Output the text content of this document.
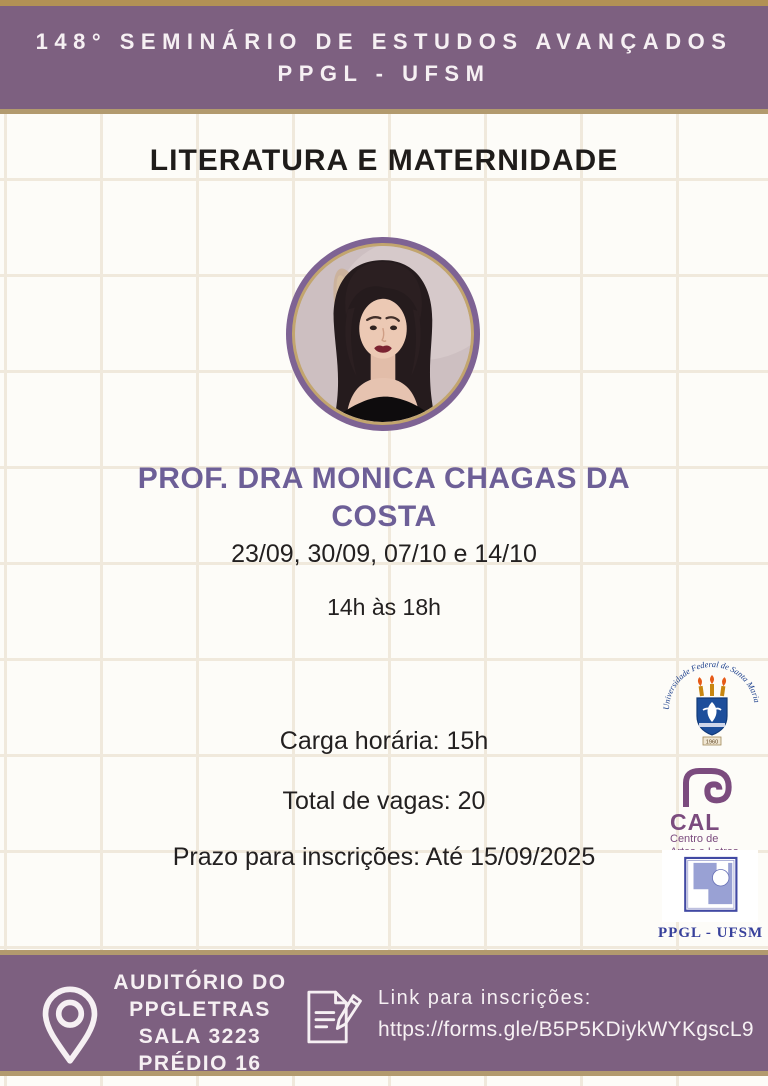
148° SEMINÁRIO DE ESTUDOS AVANÇADOS
PPGL - UFSM
LITERATURA E MATERNIDADE
PROF. DRA MONICA CHAGAS DA COSTA
23/09, 30/09, 07/10 e 14/10
14h às 18h
Carga horária: 15h
Total de vagas: 20
Prazo para inscrições: Até 15/09/2025
Universidade Federal de Santa Maria
1960
CAL
Centro de
PPGL - UFSM
AUDITÓRIO DO
PPGLETRAS
SALA 3223
PRÉDIO 16
Link para inscrições:
https://forms.gle/B5P5KDiykWYKgscL9
